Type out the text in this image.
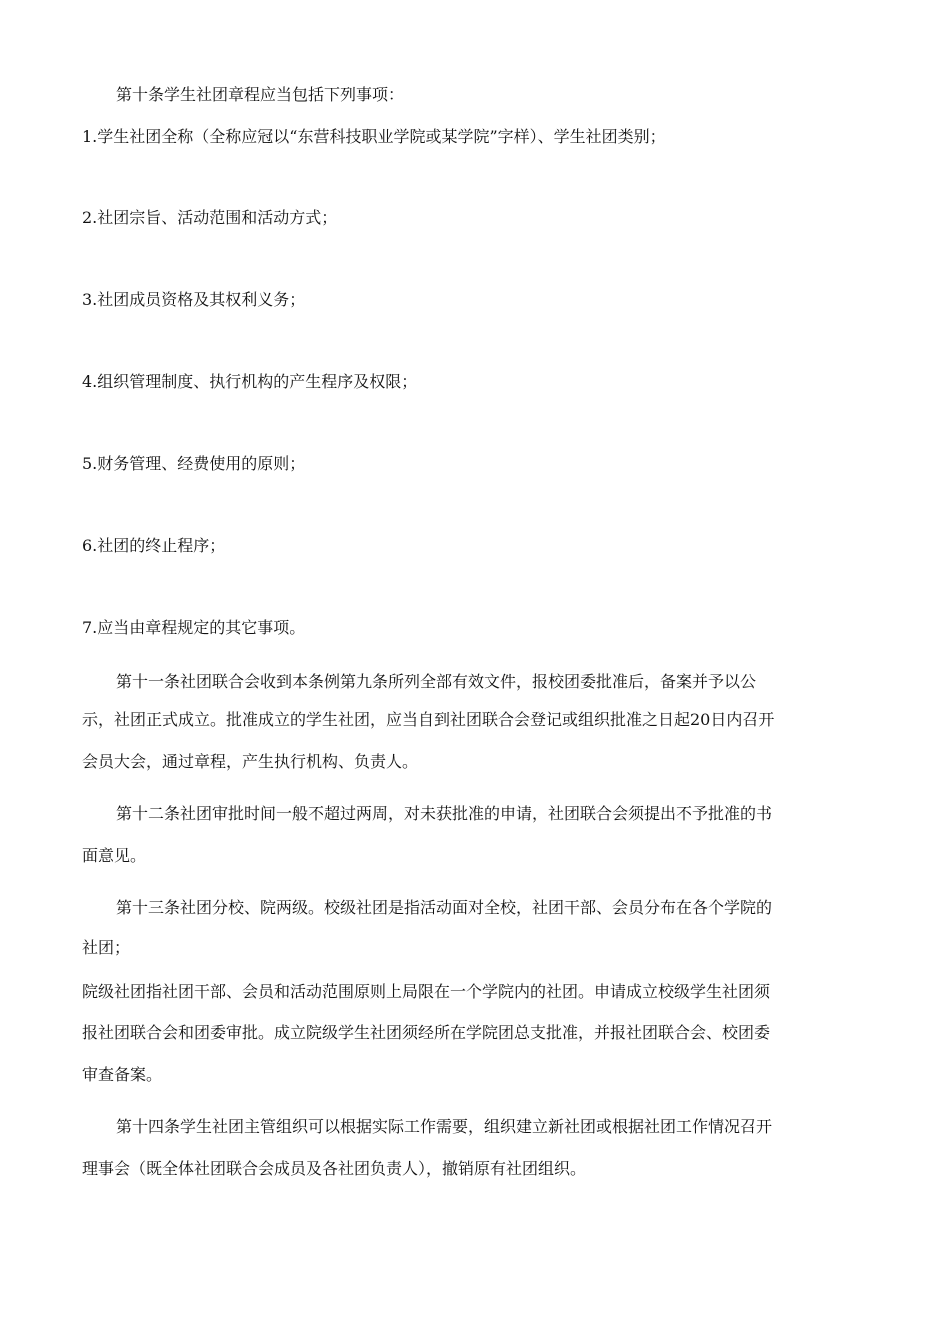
第十条学生社团章程应当包括下列事项：
1.学生社团全称（全称应冠以“东营科技职业学院或某学院”字样）、学生社团类别；
2.社团宗旨、活动范围和活动方式；
3.社团成员资格及其权利义务；
4.组织管理制度、执行机构的产生程序及权限；
5.财务管理、经费使用的原则；
6.社团的终止程序；
7.应当由章程规定的其它事项。
第十一条社团联合会收到本条例第九条所列全部有效文件，报校团委批准后，备案并予以公
示，社团正式成立。批准成立的学生社团，应当自到社团联合会登记或组织批准之日起20日内召开
会员大会，通过章程，产生执行机构、负责人。
第十二条社团审批时间一般不超过两周，对未获批准的申请，社团联合会须提出不予批准的书
面意见。
第十三条社团分校、院两级。校级社团是指活动面对全校，社团干部、会员分布在各个学院的
社团；
院级社团指社团干部、会员和活动范围原则上局限在一个学院内的社团。申请成立校级学生社团须
报社团联合会和团委审批。成立院级学生社团须经所在学院团总支批准，并报社团联合会、校团委
审查备案。
第十四条学生社团主管组织可以根据实际工作需要，组织建立新社团或根据社团工作情况召开
理事会（既全体社团联合会成员及各社团负责人），撤销原有社团组织。
